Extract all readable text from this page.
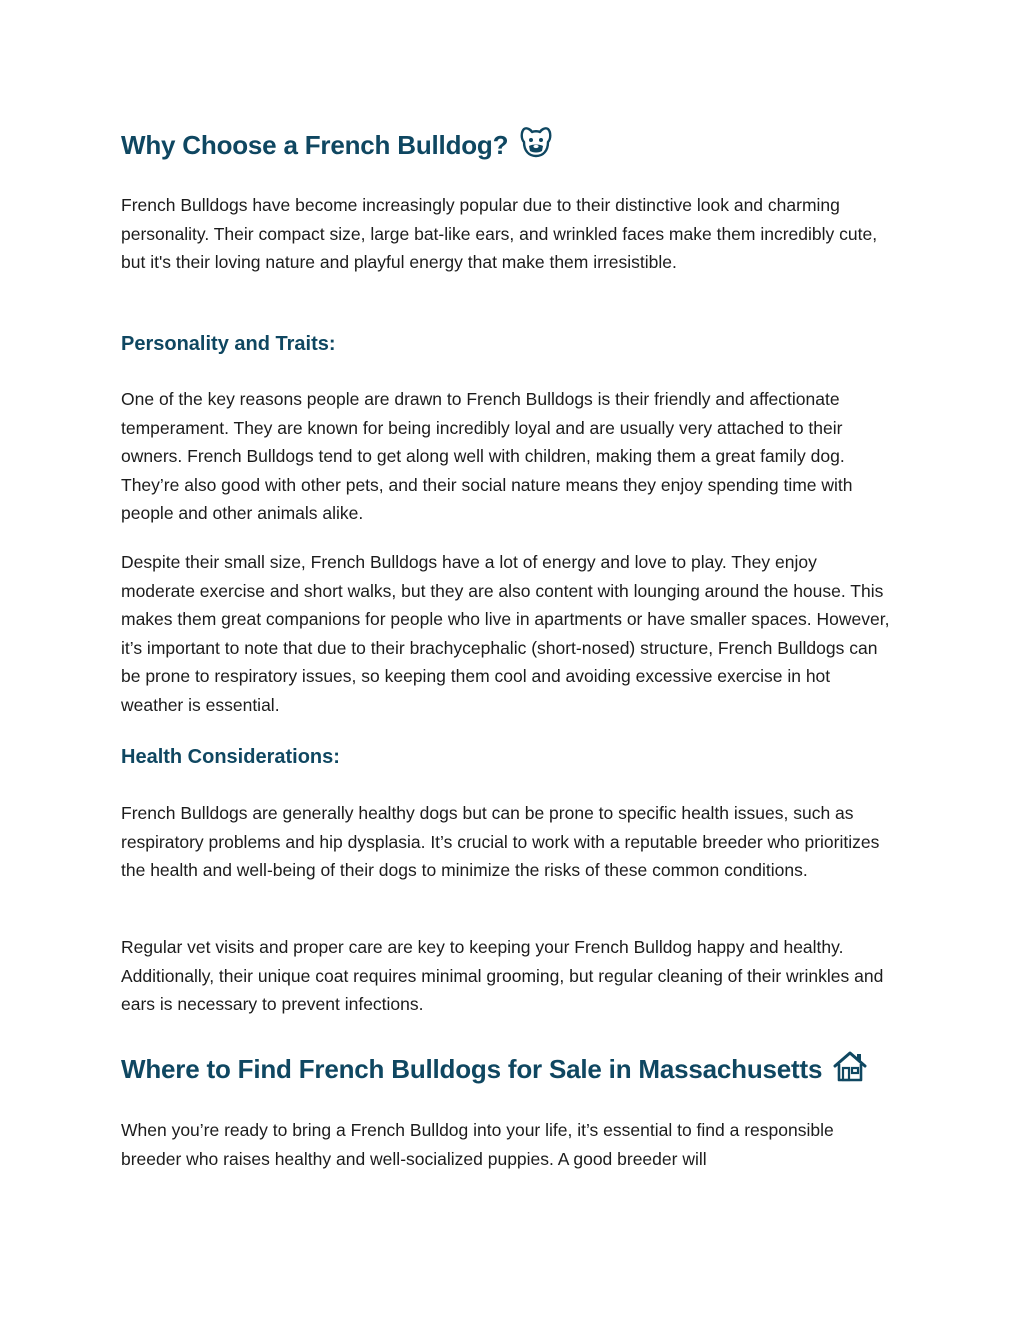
Why Choose a French Bulldog?

French Bulldogs have become increasingly popular due to their distinctive look and charming personality. Their compact size, large bat-like ears, and wrinkled faces make them incredibly cute, but it's their loving nature and playful energy that make them irresistible.

Personality and Traits:

One of the key reasons people are drawn to French Bulldogs is their friendly and affectionate temperament. They are known for being incredibly loyal and are usually very attached to their owners. French Bulldogs tend to get along well with children, making them a great family dog. They’re also good with other pets, and their social nature means they enjoy spending time with people and other animals alike.

Despite their small size, French Bulldogs have a lot of energy and love to play. They enjoy moderate exercise and short walks, but they are also content with lounging around the house. This makes them great companions for people who live in apartments or have smaller spaces. However, it’s important to note that due to their brachycephalic (short-nosed) structure, French Bulldogs can be prone to respiratory issues, so keeping them cool and avoiding excessive exercise in hot weather is essential.

Health Considerations:

French Bulldogs are generally healthy dogs but can be prone to specific health issues, such as respiratory problems and hip dysplasia. It’s crucial to work with a reputable breeder who prioritizes the health and well-being of their dogs to minimize the risks of these common conditions.

Regular vet visits and proper care are key to keeping your French Bulldog happy and healthy. Additionally, their unique coat requires minimal grooming, but regular cleaning of their wrinkles and ears is necessary to prevent infections.

Where to Find French Bulldogs for Sale in Massachusetts

When you’re ready to bring a French Bulldog into your life, it’s essential to find a responsible breeder who raises healthy and well-socialized puppies. A good breeder will
